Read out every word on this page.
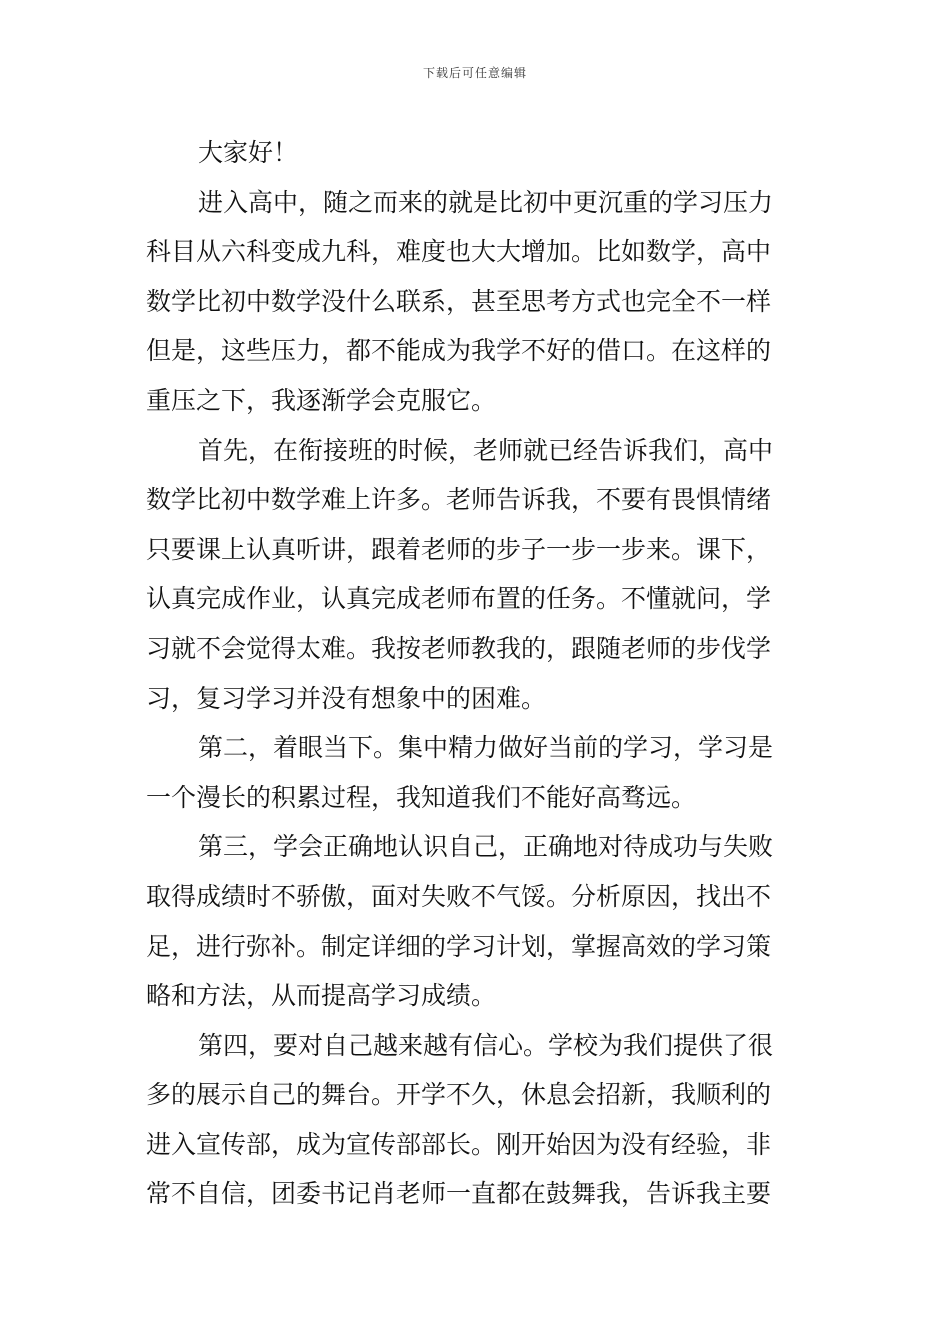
下载后可任意编辑
大家好！
进入高中，随之而来的就是比初中更沉重的学习压力
科目从六科变成九科，难度也大大增加。比如数学，高中
数学比初中数学没什么联系，甚至思考方式也完全不一样
但是，这些压力，都不能成为我学不好的借口。在这样的
重压之下，我逐渐学会克服它。
首先，在衔接班的时候，老师就已经告诉我们，高中
数学比初中数学难上许多。老师告诉我，不要有畏惧情绪
只要课上认真听讲，跟着老师的步子一步一步来。课下，
认真完成作业，认真完成老师布置的任务。不懂就问，学
习就不会觉得太难。我按老师教我的，跟随老师的步伐学
习，复习学习并没有想象中的困难。
第二，着眼当下。集中精力做好当前的学习，学习是
一个漫长的积累过程，我知道我们不能好高骛远。
第三，学会正确地认识自己，正确地对待成功与失败
取得成绩时不骄傲，面对失败不气馁。分析原因，找出不
足，进行弥补。制定详细的学习计划，掌握高效的学习策
略和方法，从而提高学习成绩。
第四，要对自己越来越有信心。学校为我们提供了很
多的展示自己的舞台。开学不久，休息会招新，我顺利的
进入宣传部，成为宣传部部长。刚开始因为没有经验，非
常不自信，团委书记肖老师一直都在鼓舞我，告诉我主要
